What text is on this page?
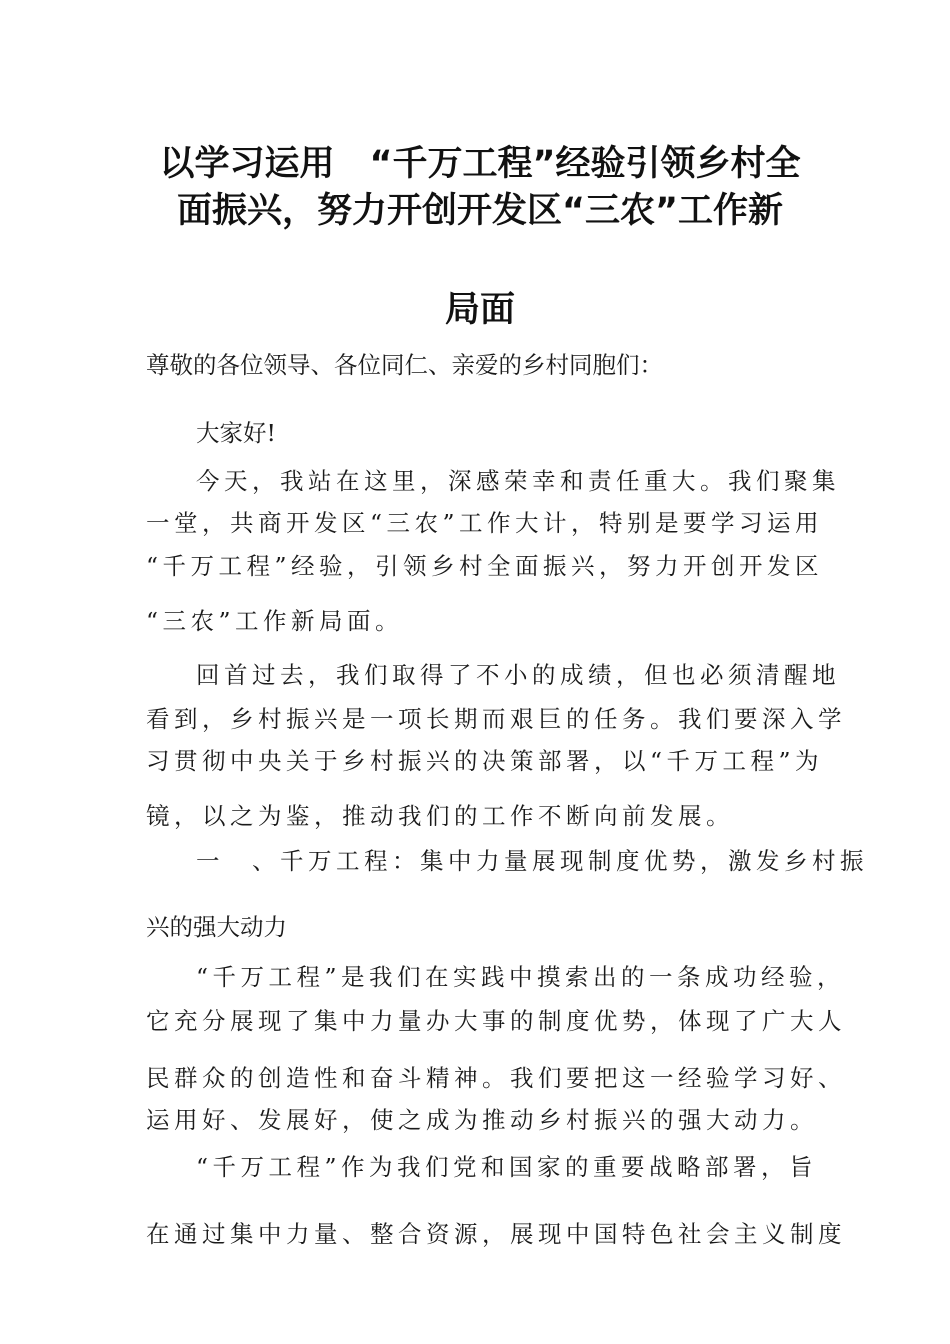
以学习运用　“千万工程”经验引领乡村全
面振兴，努力开创开发区“三农”工作新
局面
尊敬的各位领导、各位同仁、亲爱的乡村同胞们：
大家好!
今天，我站在这里，深感荣幸和责任重大。我们聚集
一堂，共商开发区“三农”工作大计，特别是要学习运用
“千万工程”经验，引领乡村全面振兴，努力开创开发区
“三农”工作新局面。
回首过去，我们取得了不小的成绩，但也必须清醒地
看到，乡村振兴是一项长期而艰巨的任务。我们要深入学
习贯彻中央关于乡村振兴的决策部署，以“千万工程”为
镜，以之为鉴，推动我们的工作不断向前发展。
一　、千万工程：集中力量展现制度优势，激发乡村振
兴的强大动力
“千万工程”是我们在实践中摸索出的一条成功经验，
它充分展现了集中力量办大事的制度优势，体现了广大人
民群众的创造性和奋斗精神。我们要把这一经验学习好、
运用好、发展好，使之成为推动乡村振兴的强大动力。
“千万工程”作为我们党和国家的重要战略部署，旨
在通过集中力量、整合资源，展现中国特色社会主义制度
